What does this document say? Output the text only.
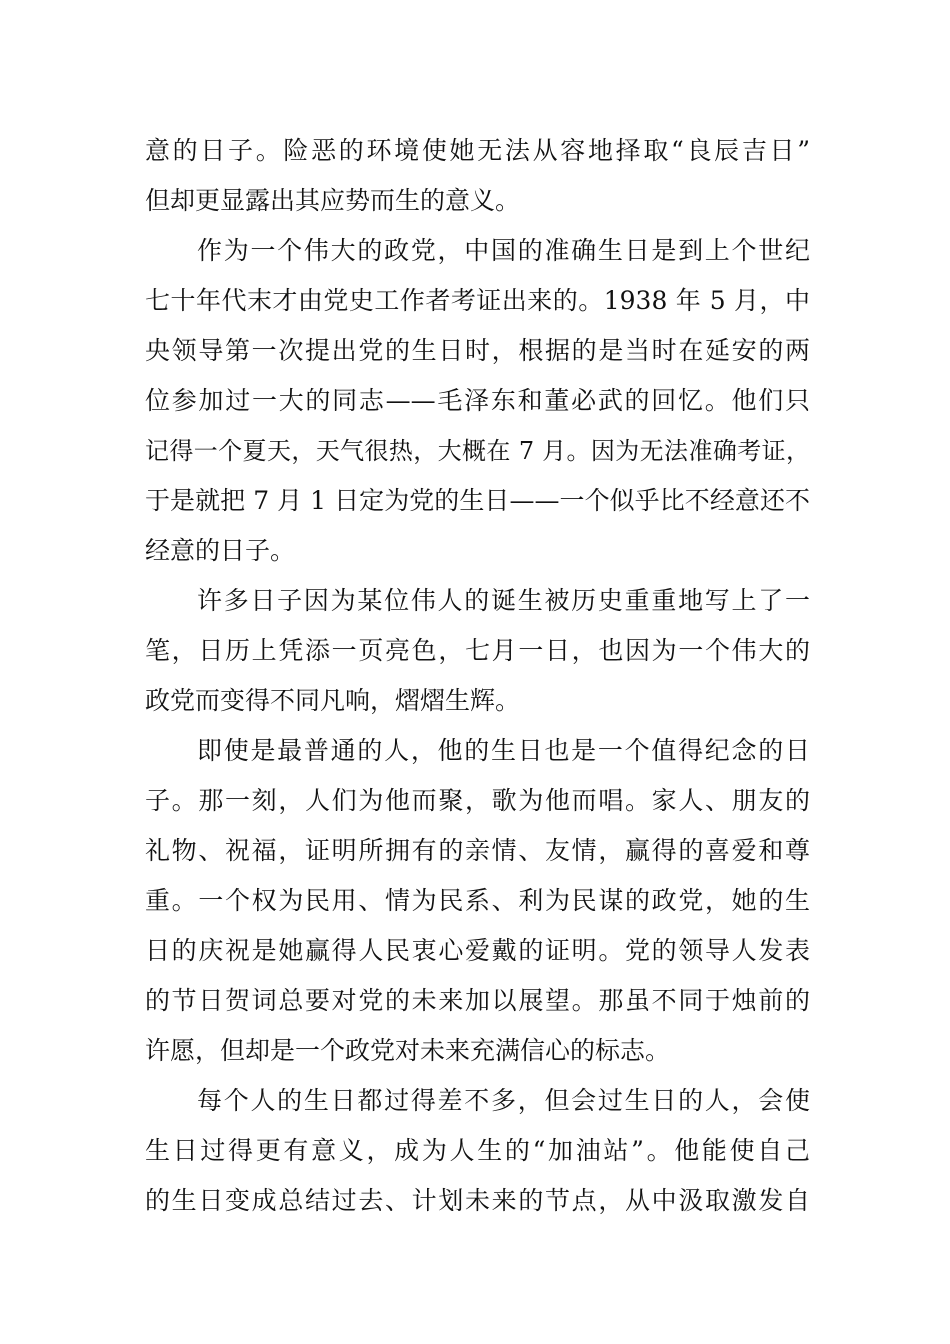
意的日子。险恶的环境使她无法从容地择取“良辰吉日”
但却更显露出其应势而生的意义。
作为一个伟大的政党，中国的准确生日是到上个世纪
七十年代末才由党史工作者考证出来的。1938 年 5 月，中
央领导第一次提出党的生日时，根据的是当时在延安的两
位参加过一大的同志——毛泽东和董必武的回忆。他们只
记得一个夏天，天气很热，大概在 7 月。因为无法准确考证，
于是就把 7 月 1 日定为党的生日——一个似乎比不经意还不
经意的日子。
许多日子因为某位伟人的诞生被历史重重地写上了一
笔，日历上凭添一页亮色，七月一日，也因为一个伟大的
政党而变得不同凡响，熠熠生辉。
即使是最普通的人，他的生日也是一个值得纪念的日
子。那一刻，人们为他而聚，歌为他而唱。家人、朋友的
礼物、祝福，证明所拥有的亲情、友情，赢得的喜爱和尊
重。一个权为民用、情为民系、利为民谋的政党，她的生
日的庆祝是她赢得人民衷心爱戴的证明。党的领导人发表
的节日贺词总要对党的未来加以展望。那虽不同于烛前的
许愿，但却是一个政党对未来充满信心的标志。
每个人的生日都过得差不多，但会过生日的人，会使
生日过得更有意义，成为人生的“加油站”。他能使自己
的生日变成总结过去、计划未来的节点，从中汲取激发自
